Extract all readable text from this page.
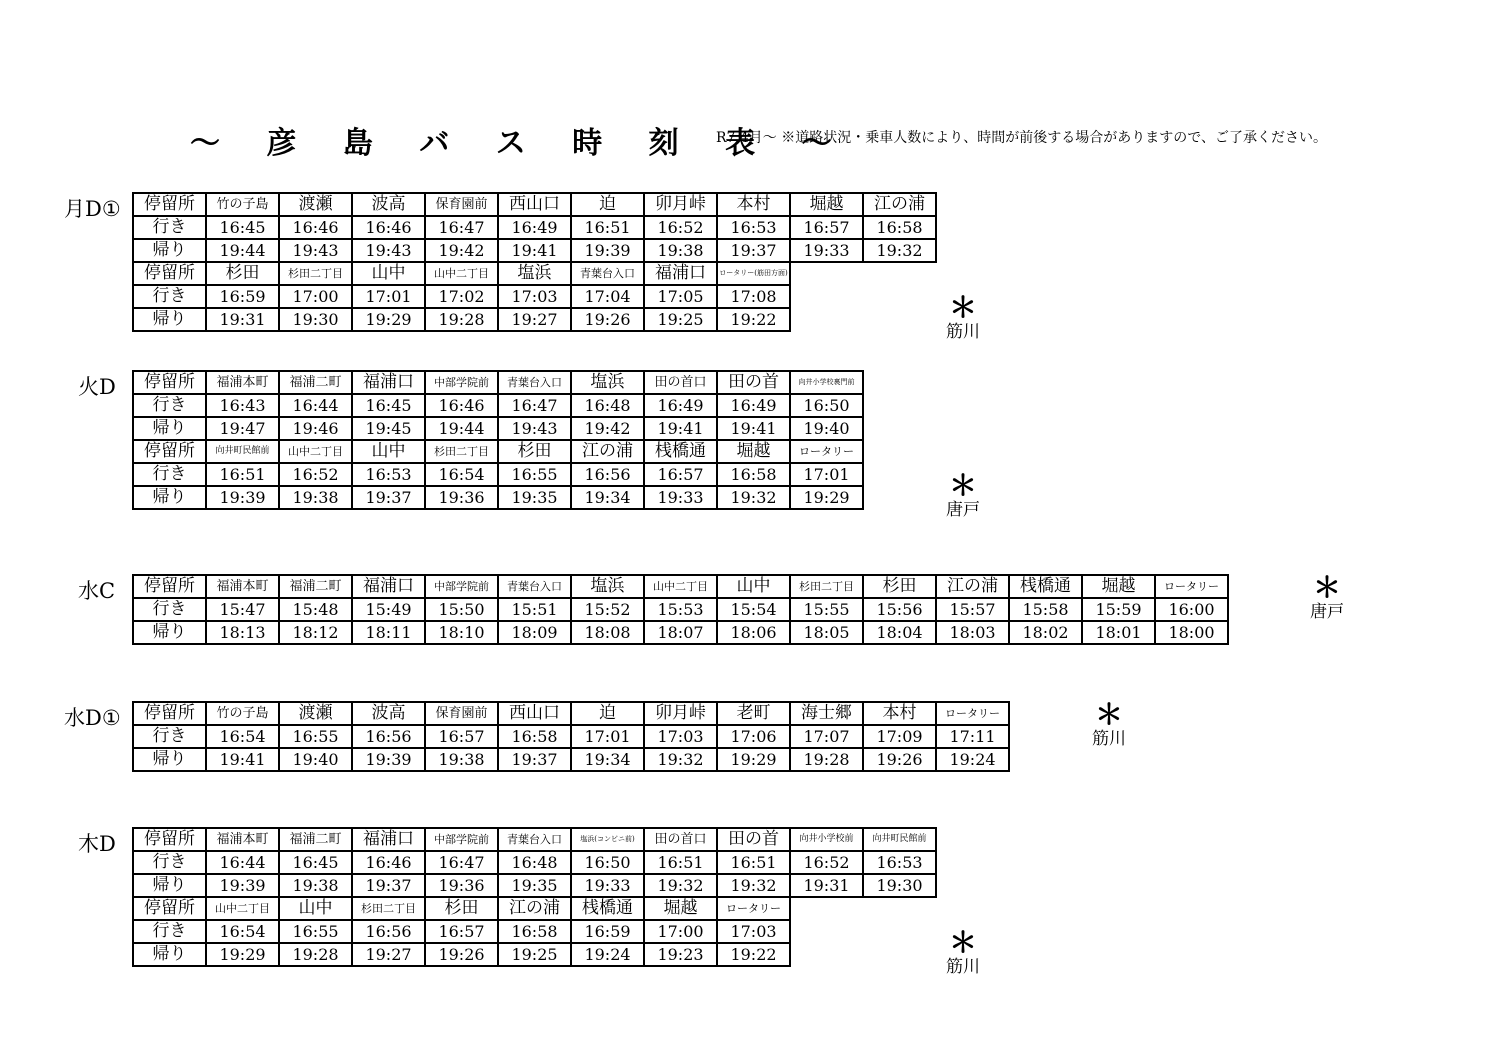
～ 彦 島 バ ス 時 刻 表 ～
R7.4月～ ※道路状況・乗車人数により、時間が前後する場合がありますので、ご了承ください。
月D① 停留所	竹の子島	渡瀬	波高	保育園前	西山口	迫	卯月峠	本村	堀越	江の浦
行き	16:45	16:46	16:46	16:47	16:49	16:51	16:52	16:53	16:57	16:58
帰り	19:44	19:43	19:43	19:42	19:41	19:39	19:38	19:37	19:33	19:32
停留所	杉田	杉田二丁目	山中	山中二丁目	塩浜	青葉台入口	福浦口	ロータリー(筋田方面)		
行き	16:59	17:00	17:01	17:02	17:03	17:04	17:05	17:08		
帰り	19:31	19:30	19:29	19:28	19:27	19:26	19:25	19:22			＊
筋川
火D 停留所	福浦本町	福浦二町	福浦口	中部学院前	青葉台入口	塩浜	田の首口	田の首	向井小学校裏門前
行き	16:43	16:44	16:45	16:46	16:47	16:48	16:49	16:49	16:50
帰り	19:47	19:46	19:45	19:44	19:43	19:42	19:41	19:41	19:40
停留所	向井町民館前	山中二丁目	山中	杉田二丁目	杉田	江の浦	桟橋通	堀越	ロータリー
行き	16:51	16:52	16:53	16:54	16:55	16:56	16:57	16:58	17:01
帰り	19:39	19:38	19:37	19:36	19:35	19:34	19:33	19:32	19:29	＊
唐戸
水C 停留所	福浦本町	福浦二町	福浦口	中部学院前	青葉台入口	塩浜	山中二丁目	山中	杉田二丁目	杉田	江の浦	桟橋通	堀越	ロータリー
行き	15:47	15:48	15:49	15:50	15:51	15:52	15:53	15:54	15:55	15:56	15:57	15:58	15:59	16:00
帰り	18:13	18:12	18:11	18:10	18:09	18:08	18:07	18:06	18:05	18:04	18:03	18:02	18:01	18:00
＊
唐戸
水D① 停留所	竹の子島	渡瀬	波高	保育園前	西山口	迫	卯月峠	老町	海士郷	本村	ロータリー
行き	16:54	16:55	16:56	16:57	16:58	17:01	17:03	17:06	17:07	17:09	17:11
帰り	19:41	19:40	19:39	19:38	19:37	19:34	19:32	19:29	19:28	19:26	19:24
＊
筋川
木D 停留所	福浦本町	福浦二町	福浦口	中部学院前	青葉台入口	塩浜(コンビニ前)	田の首口	田の首	向井小学校前	向井町民館前
行き	16:44	16:45	16:46	16:47	16:48	16:50	16:51	16:51	16:52	16:53
帰り	19:39	19:38	19:37	19:36	19:35	19:33	19:32	19:32	19:31	19:30
停留所	山中二丁目	山中	杉田二丁目	杉田	江の浦	桟橋通	堀越	ロータリー		
行き	16:54	16:55	16:56	16:57	16:58	16:59	17:00	17:03		
帰り	19:29	19:28	19:27	19:26	19:25	19:24	19:23	19:22			＊
筋川
